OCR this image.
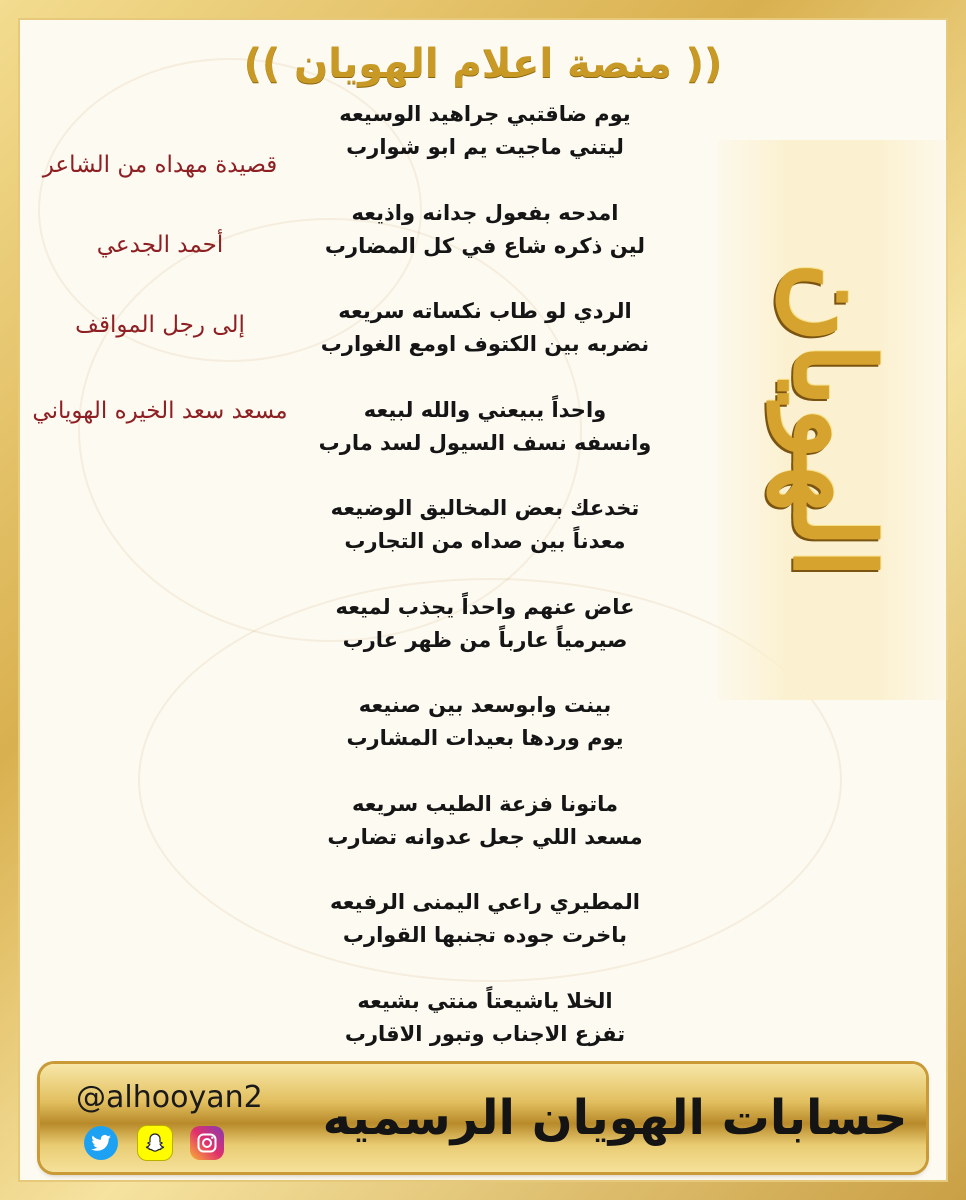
(( منصة اعلام الهويان ))
الهويان
يوم ضاقتبي جراهيد الوسيعه
ليتني ماجيت يم ابو شوارب
امدحه بفعول جدانه واذيعه
لين ذكره شاع في كل المضارب
الردي لو طاب نكساته سريعه
نضربه بين الكتوف اومع الغوارب
واحداً يبيعني والله لبيعه
وانسفه نسف السيول لسد مارب
تخدعك بعض المخاليق الوضيعه
معدناً بين صداه من التجارب
عاض عنهم واحداً يجذب لميعه
صيرمياً عارباً من ظهر عارب
بينت وابوسعد بين صنيعه
يوم وردها بعيدات المشارب
ماتونا فزعة الطيب سريعه
مسعد اللي جعل عدوانه تضارب
المطيري راعي اليمنى الرفيعه
باخرت جوده تجنبها القوارب
الخلا ياشيعتاً منتي بشيعه
تفزع الاجناب وتبور الاقارب
قصيدة مهداه من الشاعر
أحمد الجدعي
إلى رجل المواقف
مسعد سعد الخيره الهوياني
@alhooyan2	حسابات الهويان الرسميه
